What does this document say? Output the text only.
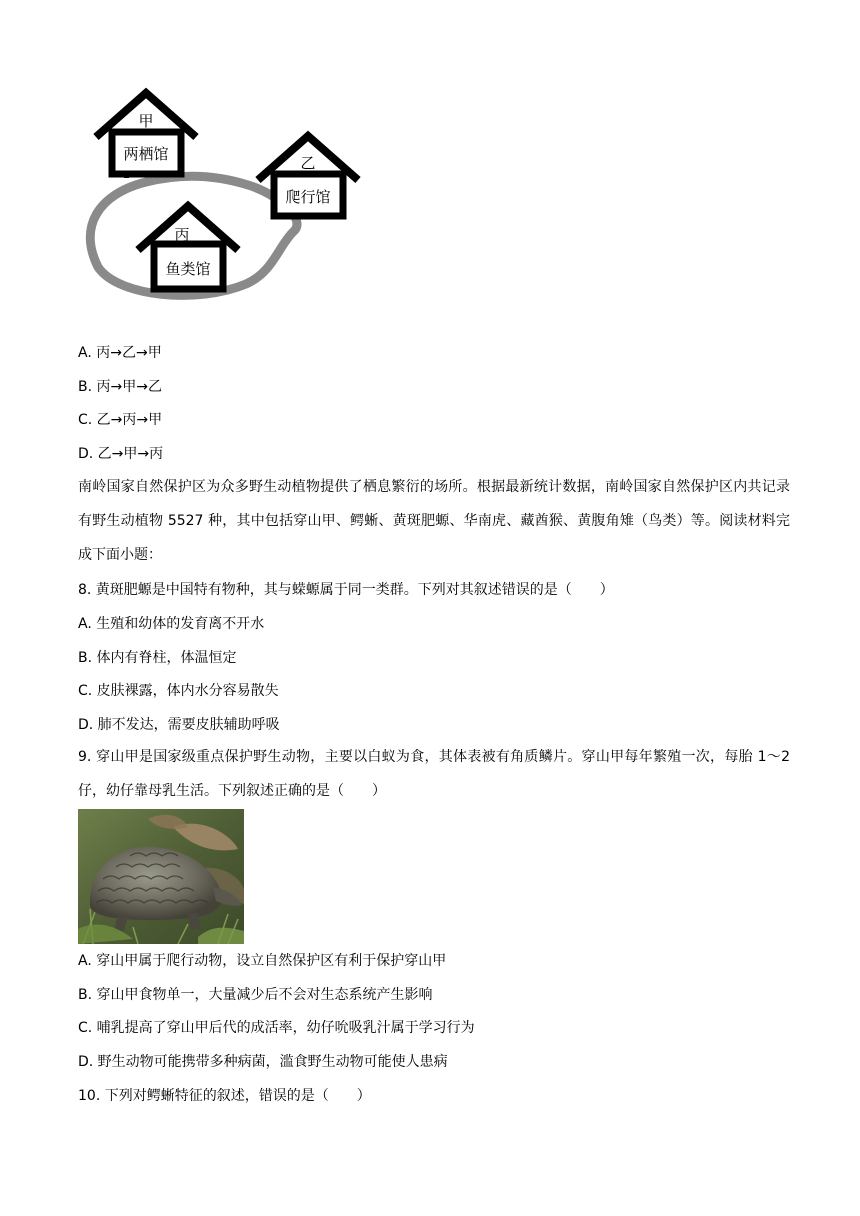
甲
两栖馆	乙
爬行馆
丙
鱼类馆
A. 丙→乙→甲
B. 丙→甲→乙
C. 乙→丙→甲
D. 乙→甲→丙
南岭国家自然保护区为众多野生动植物提供了栖息繁衍的场所。根据最新统计数据，南岭国家自然保护区内共记录有野生动植物 5527 种，其中包括穿山甲、鳄蜥、黄斑肥螈、华南虎、藏酋猴、黄腹角雉（鸟类）等。阅读材料完成下面小题：
8. 黄斑肥螈是中国特有物种，其与蝾螈属于同一类群。下列对其叙述错误的是（　　）
A. 生殖和幼体的发育离不开水
B. 体内有脊柱，体温恒定
C. 皮肤裸露，体内水分容易散失
D. 肺不发达，需要皮肤辅助呼吸
9. 穿山甲是国家级重点保护野生动物，主要以白蚁为食，其体表被有角质鳞片。穿山甲每年繁殖一次，每胎 1～2 仔，幼仔靠母乳生活。下列叙述正确的是（　　）
A. 穿山甲属于爬行动物，设立自然保护区有利于保护穿山甲
B. 穿山甲食物单一，大量减少后不会对生态系统产生影响
C. 哺乳提高了穿山甲后代的成活率，幼仔吮吸乳汁属于学习行为
D. 野生动物可能携带多种病菌，滥食野生动物可能使人患病
10. 下列对鳄蜥特征的叙述，错误的是（　　）
